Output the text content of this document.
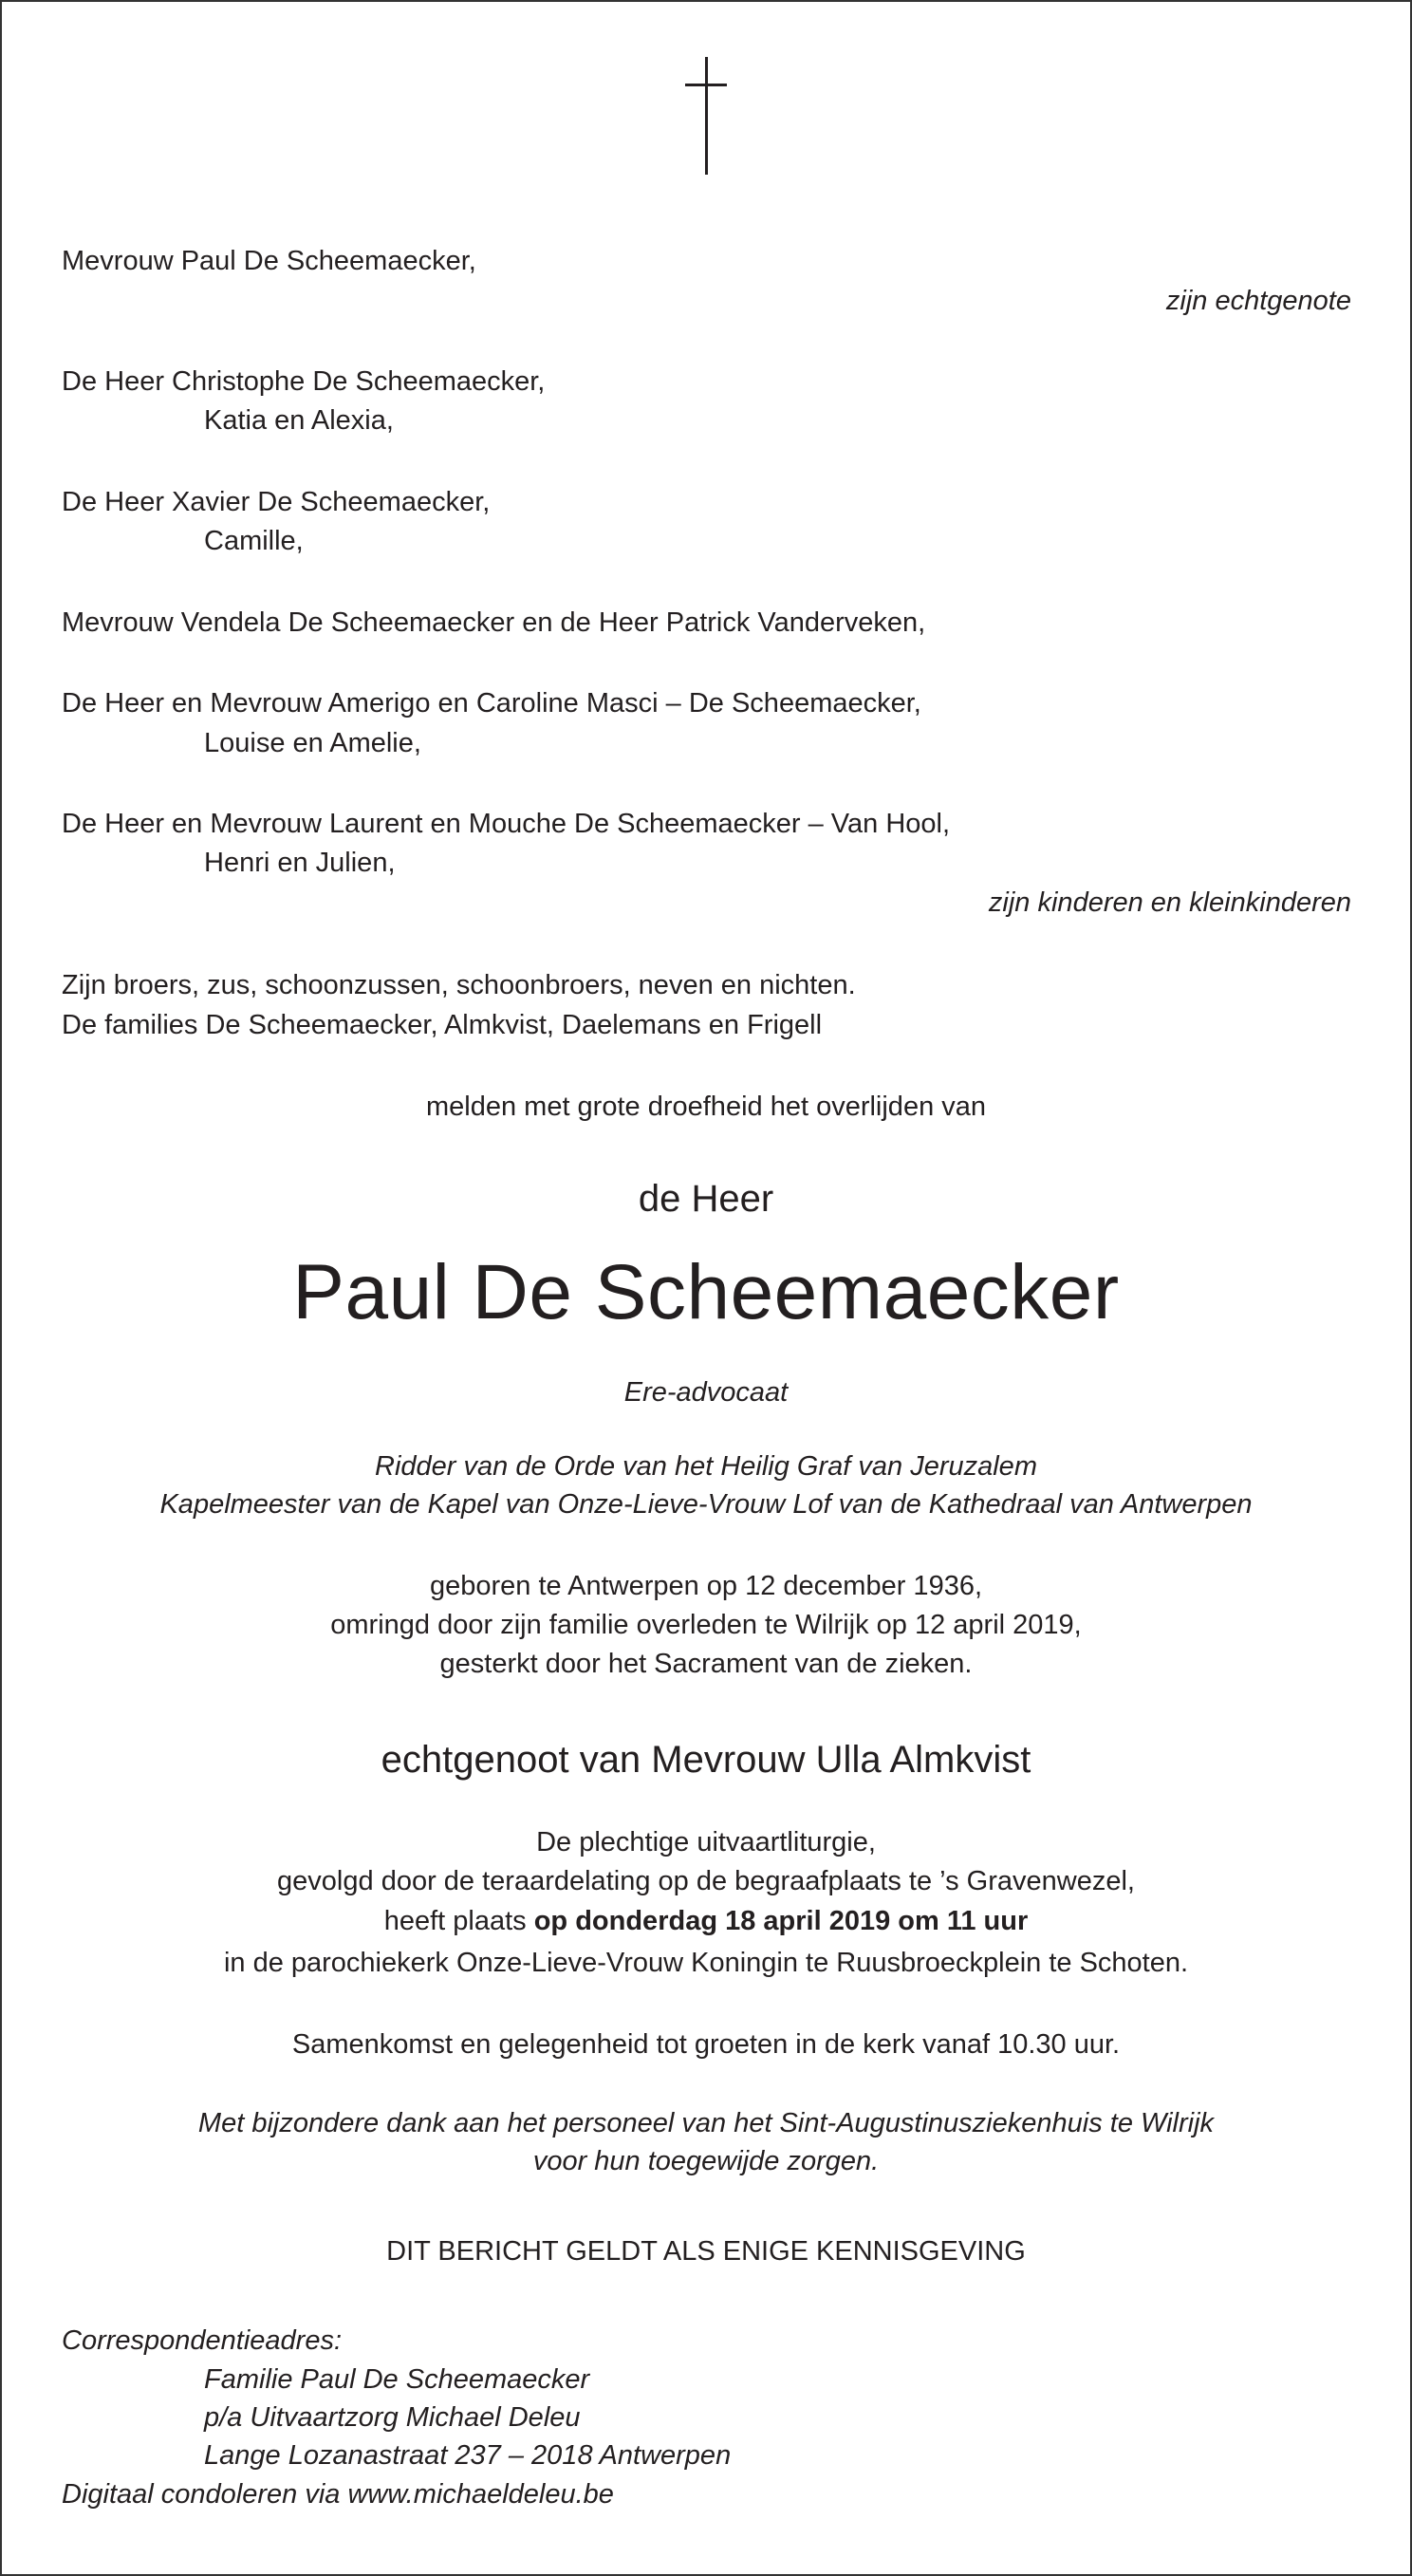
Mevrouw Paul De Scheemaecker,
zijn echtgenote
De Heer Christophe De Scheemaecker,
Katia en Alexia,
De Heer Xavier De Scheemaecker,
Camille,
Mevrouw Vendela De Scheemaecker en de Heer Patrick Vanderveken,
De Heer en Mevrouw Amerigo en Caroline Masci – De Scheemaecker,
Louise en Amelie,
De Heer en Mevrouw Laurent en Mouche De Scheemaecker – Van Hool,
Henri en Julien,
zijn kinderen en kleinkinderen
Zijn broers, zus, schoonzussen, schoonbroers, neven en nichten.
De families De Scheemaecker, Almkvist, Daelemans en Frigell
melden met grote droefheid het overlijden van
de Heer
Paul De Scheemaecker
Ere-advocaat
Ridder van de Orde van het Heilig Graf van Jeruzalem
Kapelmeester van de Kapel van Onze-Lieve-Vrouw Lof van de Kathedraal van Antwerpen
geboren te Antwerpen op 12 december 1936,
omringd door zijn familie overleden te Wilrijk op 12 april 2019,
gesterkt door het Sacrament van de zieken.
echtgenoot van Mevrouw Ulla Almkvist
De plechtige uitvaartliturgie,
gevolgd door de teraardelating op de begraafplaats te ’s Gravenwezel,
heeft plaats op donderdag 18 april 2019 om 11 uur
in de parochiekerk Onze-Lieve-Vrouw Koningin te Ruusbroeckplein te Schoten.
Samenkomst en gelegenheid tot groeten in de kerk vanaf 10.30 uur.
Met bijzondere dank aan het personeel van het Sint-Augustinusziekenhuis te Wilrijk
voor hun toegewijde zorgen.
DIT BERICHT GELDT ALS ENIGE KENNISGEVING
Correspondentieadres:
Familie Paul De Scheemaecker
p/a Uitvaartzorg Michael Deleu
Lange Lozanastraat 237 – 2018 Antwerpen
Digitaal condoleren via www.michaeldeleu.be
